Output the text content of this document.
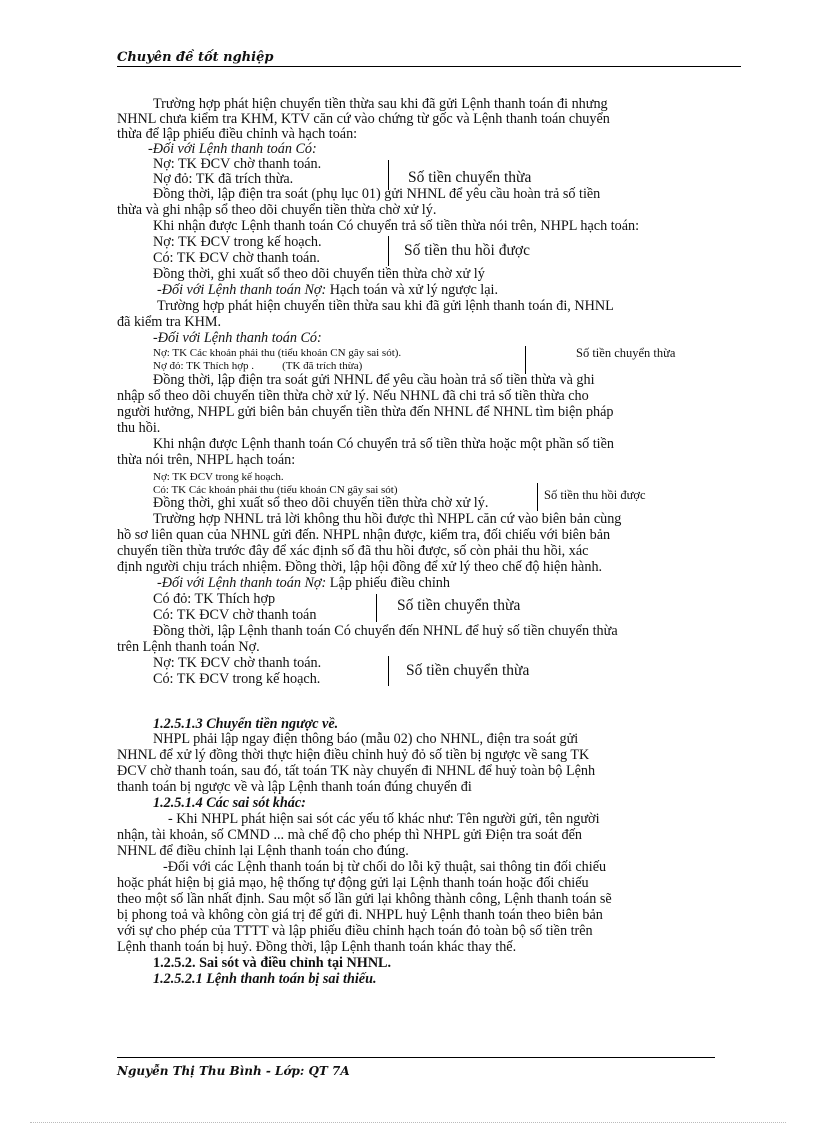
Chuyên đề tốt nghiệp
Trường hợp phát hiện chuyển tiền thừa sau khi đã gửi Lệnh thanh toán đi nhưng
NHNL chưa kiểm tra KHM, KTV căn cứ vào chứng từ gốc và Lệnh thanh toán chuyển
thừa để lập phiếu điều chỉnh và hạch toán:
-Đối với Lệnh thanh toán Có:
Nợ: TK ĐCV chờ thanh toán.
Nợ đỏ: TK đã trích thừa.	Số tiền chuyển thừa
Đồng thời, lập điện tra soát (phụ lục 01) gửi NHNL để yêu cầu hoàn trả số tiền
thừa và ghi nhập sổ theo dõi chuyển tiền thừa chờ xử lý.
Khi nhận được Lệnh thanh toán Có chuyển trả số tiền thừa nói trên, NHPL hạch toán:
Nợ: TK ĐCV trong kế hoạch.
Có: TK ĐCV chờ thanh toán.	Số tiền thu hồi được
Đồng thời, ghi xuất sổ theo dõi chuyển tiền thừa chờ xử lý
-Đối với Lệnh thanh toán Nợ: Hạch toán và xử lý ngược lại.
Trường hợp phát hiện chuyển tiền thừa sau khi đã gửi lệnh thanh toán đi, NHNL
đã kiểm tra KHM.
-Đối với Lệnh thanh toán Có:
Nợ: TK Các khoản phải thu (tiểu khoản CN gây sai sót).
Nợ đỏ: TK Thích hợp .	(TK đã trích thừa)
Số tiền chuyển thừa
Đồng thời, lập điện tra soát gửi NHNL để yêu cầu hoàn trả số tiền thừa và ghi
nhập sổ theo dõi chuyển tiền thừa chờ xử lý. Nếu NHNL đã chi trả số tiền thừa cho
người hưởng, NHPL gửi biên bản chuyển tiền thừa đến NHNL để NHNL tìm biện pháp
thu hồi.
Khi nhận được Lệnh thanh toán Có chuyển trả số tiền thừa hoặc một phần số tiền
thừa nói trên, NHPL hạch toán:
Nợ: TK ĐCV trong kế hoạch.
Có: TK Các khoản phải thu (tiểu khoản CN gây sai sót)
Đồng thời, ghi xuất sổ theo dõi chuyển tiền thừa chờ xử lý.	Số tiền thu hồi được
Trường hợp NHNL trả lời không thu hồi được thì NHPL căn cứ vào biên bản cùng
hồ sơ liên quan của NHNL gửi đến. NHPL nhận được, kiểm tra, đối chiếu với biên bản
chuyển tiền thừa trước đây để xác định số đã thu hồi được, số còn phải thu hồi, xác
định người chịu trách nhiệm. Đồng thời, lập hội đồng để xử lý theo chế độ hiện hành.
-Đối với Lệnh thanh toán Nợ: Lập phiếu điều chỉnh
Có đỏ: TK Thích hợp
Có: TK ĐCV chờ thanh toán
Số tiền chuyển thừa
Đồng thời, lập Lệnh thanh toán Có chuyển đến NHNL để huỷ số tiền chuyển thừa
trên Lệnh thanh toán Nợ.
Nợ: TK ĐCV chờ thanh toán.
Có: TK ĐCV trong kế hoạch.	Số tiền chuyển thừa
1.2.5.1.3 Chuyển tiền ngược về.
NHPL phải lập ngay điện thông báo (mẫu 02) cho NHNL, điện tra soát gửi
NHNL để xử lý đồng thời thực hiện điều chỉnh huỷ đỏ số tiền bị ngược về sang TK
ĐCV chờ thanh toán, sau đó, tất toán TK này chuyển đi NHNL để huỷ toàn bộ Lệnh
thanh toán bị ngược về và lập Lệnh thanh toán đúng chuyển đi
1.2.5.1.4 Các sai sót khác:
- Khi NHPL phát hiện sai sót các yếu tố khác như: Tên người gửi, tên người
nhận, tài khoản, số CMND ... mà chế độ cho phép thì NHPL gửi Điện tra soát đến
NHNL để điều chỉnh lại Lệnh thanh toán cho đúng.
-Đối với các Lệnh thanh toán bị từ chối do lỗi kỹ thuật, sai thông tin đối chiếu
hoặc phát hiện bị giả mạo, hệ thống tự động gửi lại Lệnh thanh toán hoặc đối chiếu
theo một số lần nhất định. Sau một số lần gửi lại không thành công, Lệnh thanh toán sẽ
bị phong toả và không còn giá trị để gửi đi. NHPL huỷ Lệnh thanh toán theo biên bản
với sự cho phép của TTTT và lập phiếu điều chỉnh hạch toán đỏ toàn bộ số tiền trên
Lệnh thanh toán bị huỷ. Đồng thời, lập Lệnh thanh toán khác thay thế.
1.2.5.2. Sai sót và điều chỉnh tại NHNL.
1.2.5.2.1 Lệnh thanh toán bị sai thiếu.
Nguyễn Thị Thu Bình - Lớp: QT 7A
